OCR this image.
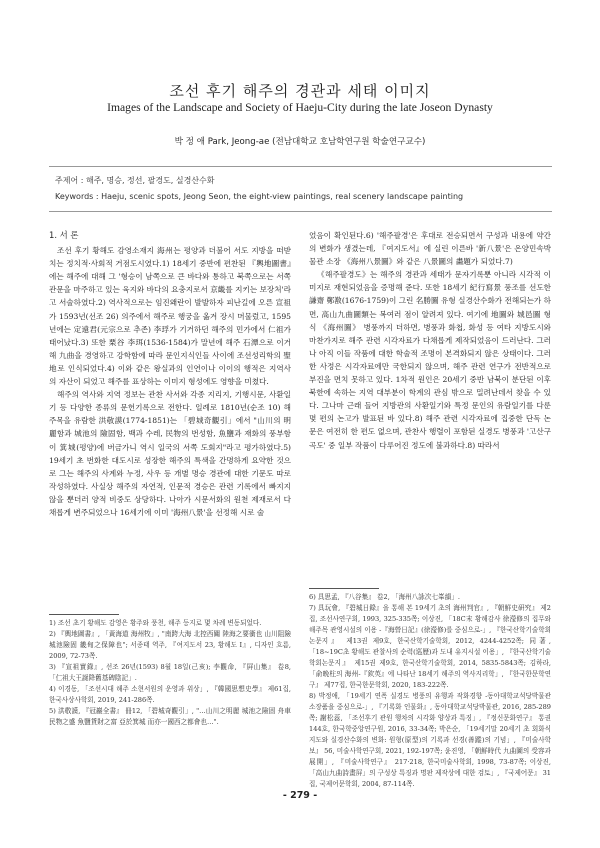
조선 후기 해주의 경관과 세태 이미지
Images of the Landscape and Society of Haeju-City during the late Joseon Dynasty
박 정 애 Park, Jeong-ae (전남대학교 호남학연구원 학술연구교수)
주제어 : 해주, 명승, 정선, 팔경도, 실경산수화
Keywords : Haeju, scenic spots, Jeong Seon, the eight-view paintings, real scenery landscape painting
1. 서 론

조선 후기 황해도 감영소재지 海州는 평양과 더불어 서도 지방을 떠받치는 정치적·사회적 거점도시였다.1) 18세기 중반에 편찬된 『輿地圖書』에는 해주에 대해 그 '형승이 남쪽으로 큰 바다와 통하고 북쪽으로는 서쪽 관문을 마주하고 있는 육지와 바다의 요충지로서 京畿를 지키는 보장처'라고 서술하였다.2) 역사적으로는 임진왜란이 발발하자 피난길에 오른 宣祖가 1593년(선조 26) 의주에서 해주로 행궁을 옮겨 장시 머물렀고, 1595년에는 定遠君(元宗으로 추존) 李琈가 기거하던 해주의 민가에서 仁祖가 태어났다.3) 또한 栗谷 李珥(1536-1584)가 말년에 해주 石潭으로 이거해 九曲을 경영하고 강학함에 따라 문인지식인들 사이에 조선성리학의 聖地로 인식되었다.4) 이와 같은 왕실과의 인연이나 이이의 행적은 지역사의 자산이 되었고 해주를 표상하는 이미지 형성에도 영향을 미쳤다.

해주의 역사와 지역 정보는 관찬 사서와 각종 지리지, 기행시문, 사환일기 등 다양한 종류의 문헌기록으로 전한다. 일례로 1810년(순조 10) 해주목을 유람한 洪敬謨(1774-1851)는 「碧城奇觀引」에서 "山川의 明麗함과 城池의 險固함, 백과 수레, 民物의 번성함, 魚鹽과 재화의 풍부함이 箕城(평양)에 버금가니 역시 일국의 서쪽 도회지"라고 평가하였다.5) 19세기 초 번화한 대도시로 성장한 해주의 특색을 간명하게 요약한 것으로 그는 해주의 사계와 누정, 사우 등 개별 명승 경관에 대한 기문도 따로 작성하였다. 사실상 해주의 자연적, 인문적 경승은 관련 기록에서 빠지지 않을 뿐더러 양적 비중도 상당하다. 나아가 시문서화의 원천 제재로서 다채롭게 변주되었으나 16세기에 이미 '海州八景'을 선정해 시로 술

었음이 확인된다.6) '해주팔경'은 후대로 전승되면서 구성과 내용에 약간의 변화가 생겼는데, 『여지도서』에 실린 이른바 '新八景'은 온양민속박물관 소장 《海州八景圖》와 같은 八景圖의 畵題가 되었다.7)

《해주팔경도》는 해주의 경관과 세태가 문자기록뿐 아니라 시각적 이미지로 재현되었음을 증명해 준다. 또한 18세기 紀行寫景 풍조를 선도한 謙齋 鄭敾(1676-1759)이 그린 名勝圖 유형 실경산수화가 전해되는가 하면, 高山九曲圖類는 복여러 점이 알려져 있다. 여기에 地圖와 城邑圖 형식 《海州圖》 병풍까지 더하면, 병풍과 화첩, 화성 등 여타 지방도시와 마찬가지로 해주 관련 시각자료가 다채롭게 제작되었음이 드러난다. 그러나 아직 이들 작품에 대한 학술적 조명이 본격화되지 않은 상태이다. 그러한 사정은 시각자료에만 국한되지 않으며, 해주 관련 연구가 전반적으로 부진을 면치 못하고 있다. 1차적 원인은 20세기 중반 남북이 분단된 이후 북한에 속하는 지역 대부분이 학계의 관심 밖으로 밀려난데서 찾을 수 있다. 그나마 근래 들어 지방관의 사환일기와 특정 문인의 유람일기를 다룬 몇 편의 논고가 발표된 바 있다.8) 해주 관련 시각자료에 집중한 단독 논문은 여전히 한 편도 없으며, 관찬사 행렬이 포함된 실경도 병풍과 '고산구곡도' 중 일부 작품이 다루어진 정도에 불과하다.8) 따라서

1) 조선 초기 황해도 감영은 황주와 풍천, 해주 등지로 몇 차례 변동되었다.
2) 『輿地圖書』, 「黃海道 海州牧」, "南跨大海 北控西關 陸海之要衝也 山川阻險 城池險固 畿甸之保障也"; 서종태 역주, 『여지도서 23, 황해도 Ⅰ』, 디자인 흐름, 2009, 72-73쪽.
3) 『宣祖實錄』, 선조 26년(1593) 8월 18일(己亥); 李觀命, 『屛山集』 卷8, 「仁祖大王誕降舊基碑陰記」.
4) 이경동, 「조선시대 해주 소현서원의 운영과 위상」, 『韓國思想史學』 제61집, 한국사상사학회, 2019, 241-286쪽.
5) 洪敬謨, 『冠巖全書』 冊12, 「碧城奇觀引」, "…山川之明麗 城池之險固 舟車民物之盛 魚鹽貨財之富 亞於箕城 而亦一國西之都會也…".
6) 具思孟, 『八谷集』 卷2, 「海州八詠次七峯韻」.
7) 具玩會, 『碧城日錄』을 통해 본 19세기 초의 海州判官』, 『朝鮮史研究』 제2집, 조선사연구회, 1993, 325-335쪽; 이상진, 「18C末 황해감사 徐瀅修의 집무와 해주목 관영시설의 이용 -『海營日記』(徐瀅修)를 중심으로-」, 『한국산학기술학회논문지』 제13권 제9호, 한국산학기술학회, 2012, 4244-4252쪽; 同著, 「18~19C초 황해도 관찰사의 순력(巡歷)과 도내 유지시설 이용」, 『한국산학기술학회논문지』 제15권 제9호, 한국산학기술학회, 2014, 5835-5843쪽; 김하라, 「俞晩柱의 海州-『欽英』에 나타난 18세기 해주의 역사지리학」, 『한국한문학연구』 제77집, 한국한문학회, 2020, 183-222쪽.
8) 박정애, 「19세기 연폭 실경도 병풍의 유행과 작화경향 -동아대학교석당박물관 소장품을 중심으로-」, 『기록화 인물화』, 동아대학교석당박물관, 2016, 285-289쪽; 謝松蕊, 「조선후기 관원 행차의 시각화 양상과 특징」, 『정신문화연구』 통권 144호, 한국학중앙연구원, 2016, 33-34쪽; 박은순, 「19세기말 20세기 초 회화식 지도와 실경산수화의 변화: 원형(原型)의 기록과 선경(善蹤)의 기념」, 『미술사학보』 56, 미술사학연구회, 2021, 192-197쪽; 윤진영, 「朝鮮時代 九曲圖의 受容과 展開」, 『미술사학연구』 217·218, 한국미술사학회, 1998, 73-87쪽; 이상진, 「高山九曲詩畫屏」의 구성상 특징과 명판 제작상에 대한 검토」, 『국제어문』 31집, 국제어문학회, 2004, 87-114쪽.
- 279 -
